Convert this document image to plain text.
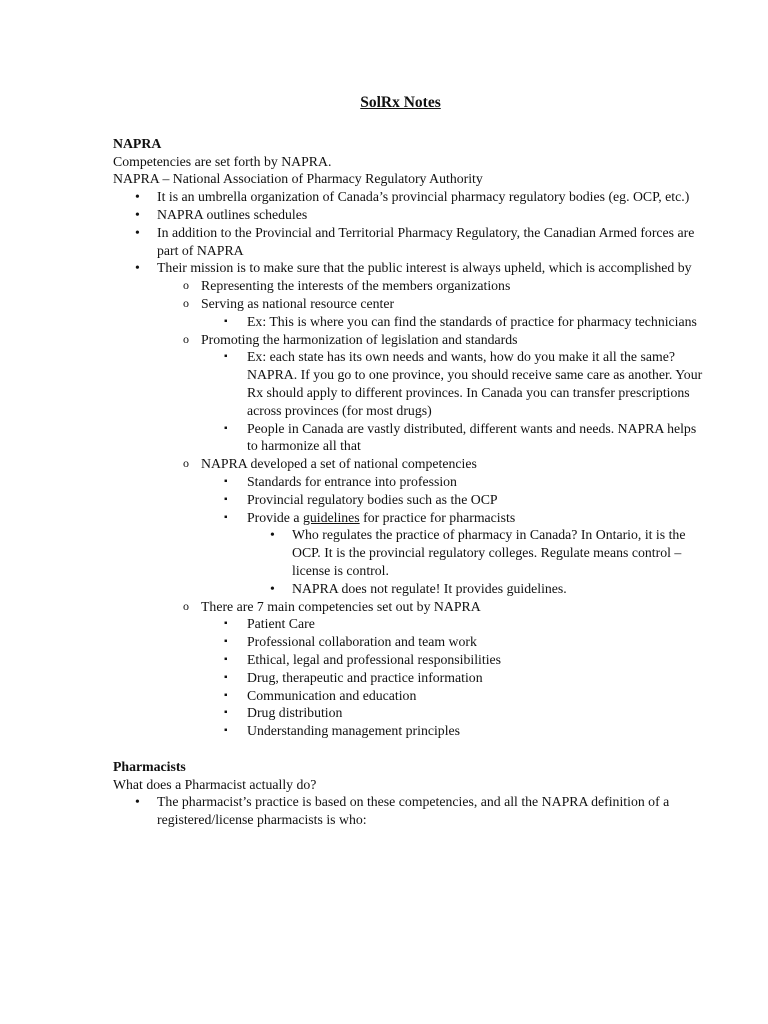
SolRx Notes
NAPRA
Competencies are set forth by NAPRA.
NAPRA – National Association of Pharmacy Regulatory Authority
• It is an umbrella organization of Canada’s provincial pharmacy regulatory bodies (eg. OCP, etc.)
• NAPRA outlines schedules
• In addition to the Provincial and Territorial Pharmacy Regulatory, the Canadian Armed forces are part of NAPRA
• Their mission is to make sure that the public interest is always upheld, which is accomplished by
o Representing the interests of the members organizations
o Serving as national resource center
▪ Ex: This is where you can find the standards of practice for pharmacy technicians
o Promoting the harmonization of legislation and standards
▪ Ex: each state has its own needs and wants, how do you make it all the same? NAPRA. If you go to one province, you should receive same care as another. Your Rx should apply to different provinces. In Canada you can transfer prescriptions across provinces (for most drugs)
▪ People in Canada are vastly distributed, different wants and needs. NAPRA helps to harmonize all that
o NAPRA developed a set of national competencies
▪ Standards for entrance into profession
▪ Provincial regulatory bodies such as the OCP
▪ Provide a guidelines for practice for pharmacists
• Who regulates the practice of pharmacy in Canada? In Ontario, it is the OCP. It is the provincial regulatory colleges. Regulate means control – license is control.
• NAPRA does not regulate! It provides guidelines.
o There are 7 main competencies set out by NAPRA
▪ Patient Care
▪ Professional collaboration and team work
▪ Ethical, legal and professional responsibilities
▪ Drug, therapeutic and practice information
▪ Communication and education
▪ Drug distribution
▪ Understanding management principles
Pharmacists
What does a Pharmacist actually do?
• The pharmacist’s practice is based on these competencies, and all the NAPRA definition of a registered/license pharmacists is who:
